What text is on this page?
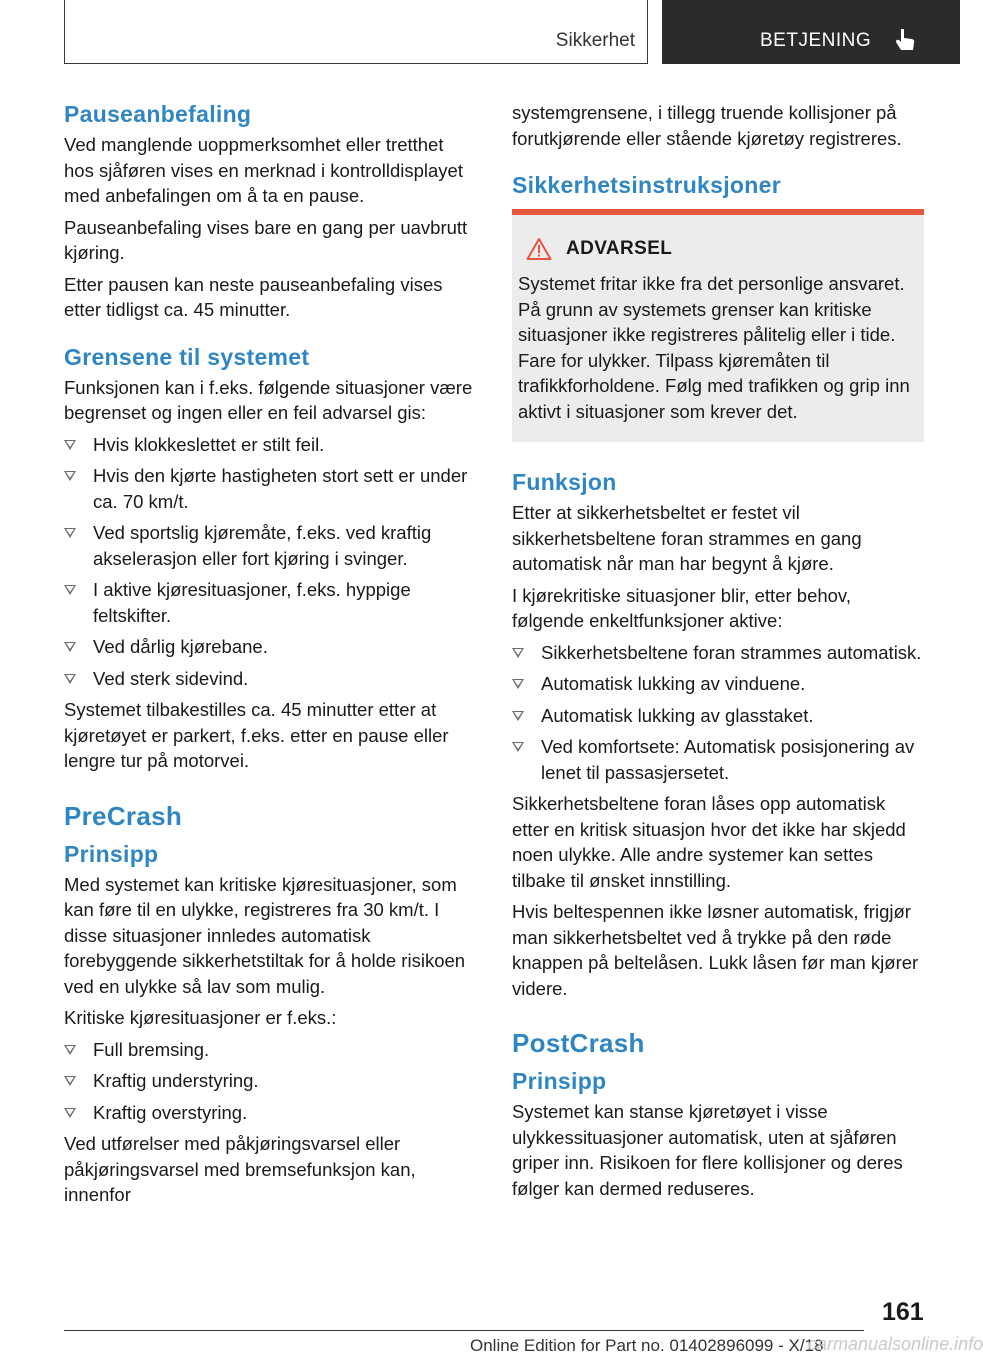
Sikkerhet	BETJENING
Pauseanbefaling

Ved manglende uoppmerksomhet eller tretthet hos sjåføren vises en merknad i kontrolldisplayet med anbefalingen om å ta en pause.

Pauseanbefaling vises bare en gang per uavbrutt kjøring.

Etter pausen kan neste pauseanbefaling vises etter tidligst ca. 45 minutter.

Grensene til systemet

Funksjonen kan i f.eks. følgende situasjoner være begrenset og ingen eller en feil advarsel gis:

Hvis klokkeslettet er stilt feil.
Hvis den kjørte hastigheten stort sett er under ca. 70 km/t.
Ved sportslig kjøremåte, f.eks. ved kraftig akselerasjon eller fort kjøring i svinger.
I aktive kjøresituasjoner, f.eks. hyppige feltskifter.
Ved dårlig kjørebane.
Ved sterk sidevind.

Systemet tilbakestilles ca. 45 minutter etter at kjøretøyet er parkert, f.eks. etter en pause eller lengre tur på motorvei.

PreCrash
Prinsipp

Med systemet kan kritiske kjøresituasjoner, som kan føre til en ulykke, registreres fra 30 km/t. I disse situasjoner innledes automatisk forebyggende sikkerhetstiltak for å holde risikoen ved en ulykke så lav som mulig.

Kritiske kjøresituasjoner er f.eks.:

Full bremsing.
Kraftig understyring.
Kraftig overstyring.

Ved utførelser med påkjøringsvarsel eller påkjøringsvarsel med bremsefunksjon kan, innenfor

systemgrensene, i tillegg truende kollisjoner på forutkjørende eller stående kjøretøy registreres.

Sikkerhetsinstruksjoner
ADVARSEL

Systemet fritar ikke fra det personlige ansvaret. På grunn av systemets grenser kan kritiske situasjoner ikke registreres pålitelig eller i tide. Fare for ulykker. Tilpass kjøremåten til trafikkforholdene. Følg med trafikken og grip inn aktivt i situasjoner som krever det.

Funksjon

Etter at sikkerhetsbeltet er festet vil sikkerhetsbeltene foran strammes en gang automatisk når man har begynt å kjøre.

I kjørekritiske situasjoner blir, etter behov, følgende enkeltfunksjoner aktive:

Sikkerhetsbeltene foran strammes automatisk.
Automatisk lukking av vinduene.
Automatisk lukking av glasstaket.
Ved komfortsete: Automatisk posisjonering av lenet til passasjersetet.

Sikkerhetsbeltene foran låses opp automatisk etter en kritisk situasjon hvor det ikke har skjedd noen ulykke. Alle andre systemer kan settes tilbake til ønsket innstilling.

Hvis beltespennen ikke løsner automatisk, frigjør man sikkerhetsbeltet ved å trykke på den røde knappen på beltelåsen. Lukk låsen før man kjører videre.

PostCrash
Prinsipp

Systemet kan stanse kjøretøyet i visse ulykkessituasjoner automatisk, uten at sjåføren griper inn. Risikoen for flere kollisjoner og deres følger kan dermed reduseres.

161
Online Edition for Part no. 01402896099 - X/18
carmanualsonline.info
